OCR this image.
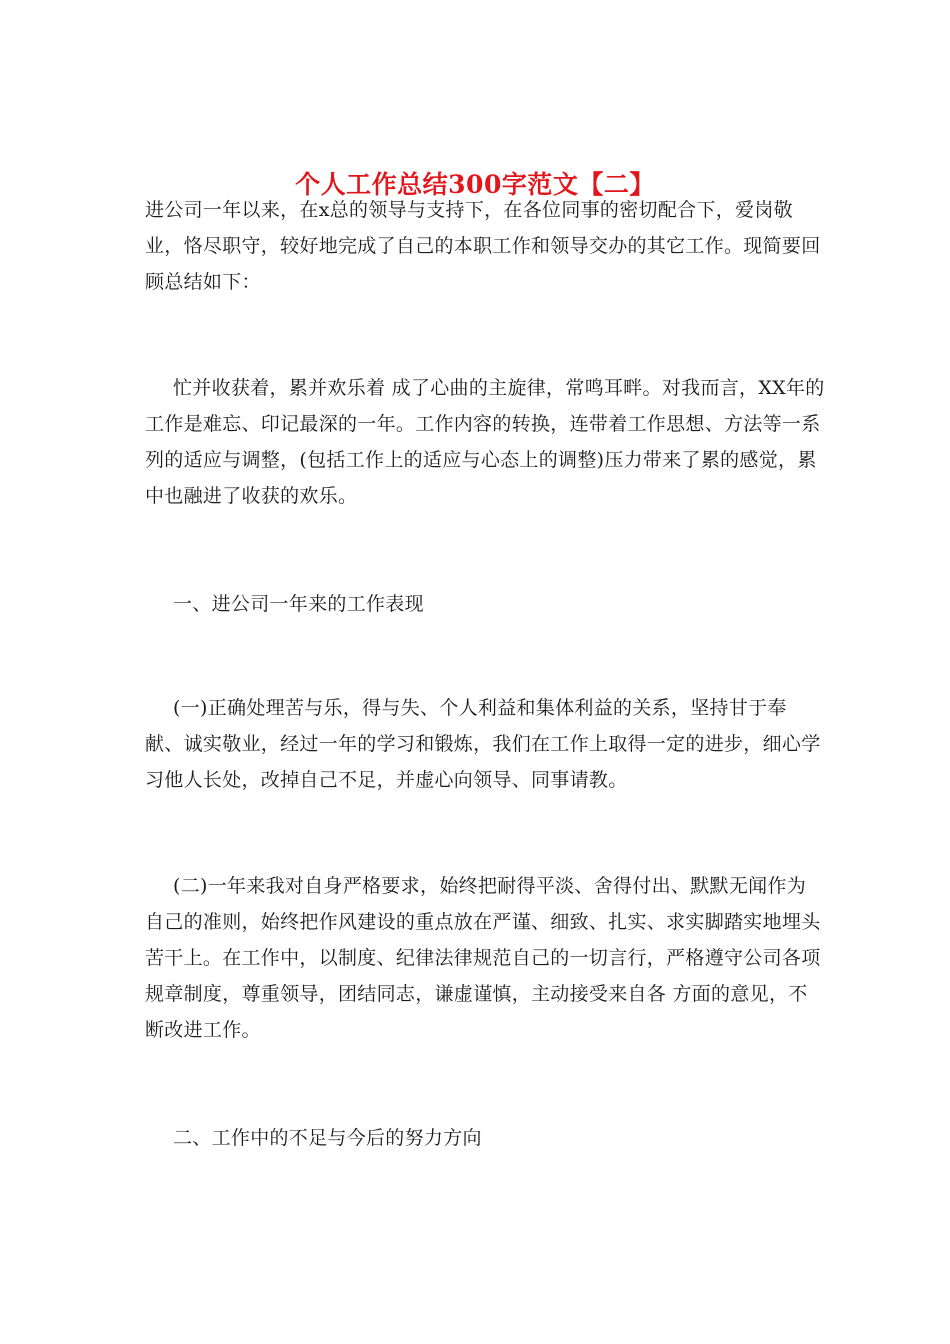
个人工作总结300字范文【二】

进公司一年以来，在x总的领导与支持下，在各位同事的密切配合下，爱岗敬业，恪尽职守，较好地完成了自己的本职工作和领导交办的其它工作。现简要回顾总结如下：

忙并收获着，累并欢乐着 成了心曲的主旋律，常鸣耳畔。对我而言，XX年的工作是难忘、印记最深的一年。工作内容的转换，连带着工作思想、方法等一系列的适应与调整，(包括工作上的适应与心态上的调整)压力带来了累的感觉，累中也融进了收获的欢乐。

一、进公司一年来的工作表现

(一)正确处理苦与乐，得与失、个人利益和集体利益的关系，坚持甘于奉献、诚实敬业，经过一年的学习和锻炼，我们在工作上取得一定的进步，细心学习他人长处，改掉自己不足，并虚心向领导、同事请教。

(二)一年来我对自身严格要求，始终把耐得平淡、舍得付出、默默无闻作为自己的准则，始终把作风建设的重点放在严谨、细致、扎实、求实脚踏实地埋头苦干上。在工作中，以制度、纪律法律规范自己的一切言行，严格遵守公司各项规章制度，尊重领导，团结同志，谦虚谨慎，主动接受来自各 方面的意见，不断改进工作。

二、工作中的不足与今后的努力方向
